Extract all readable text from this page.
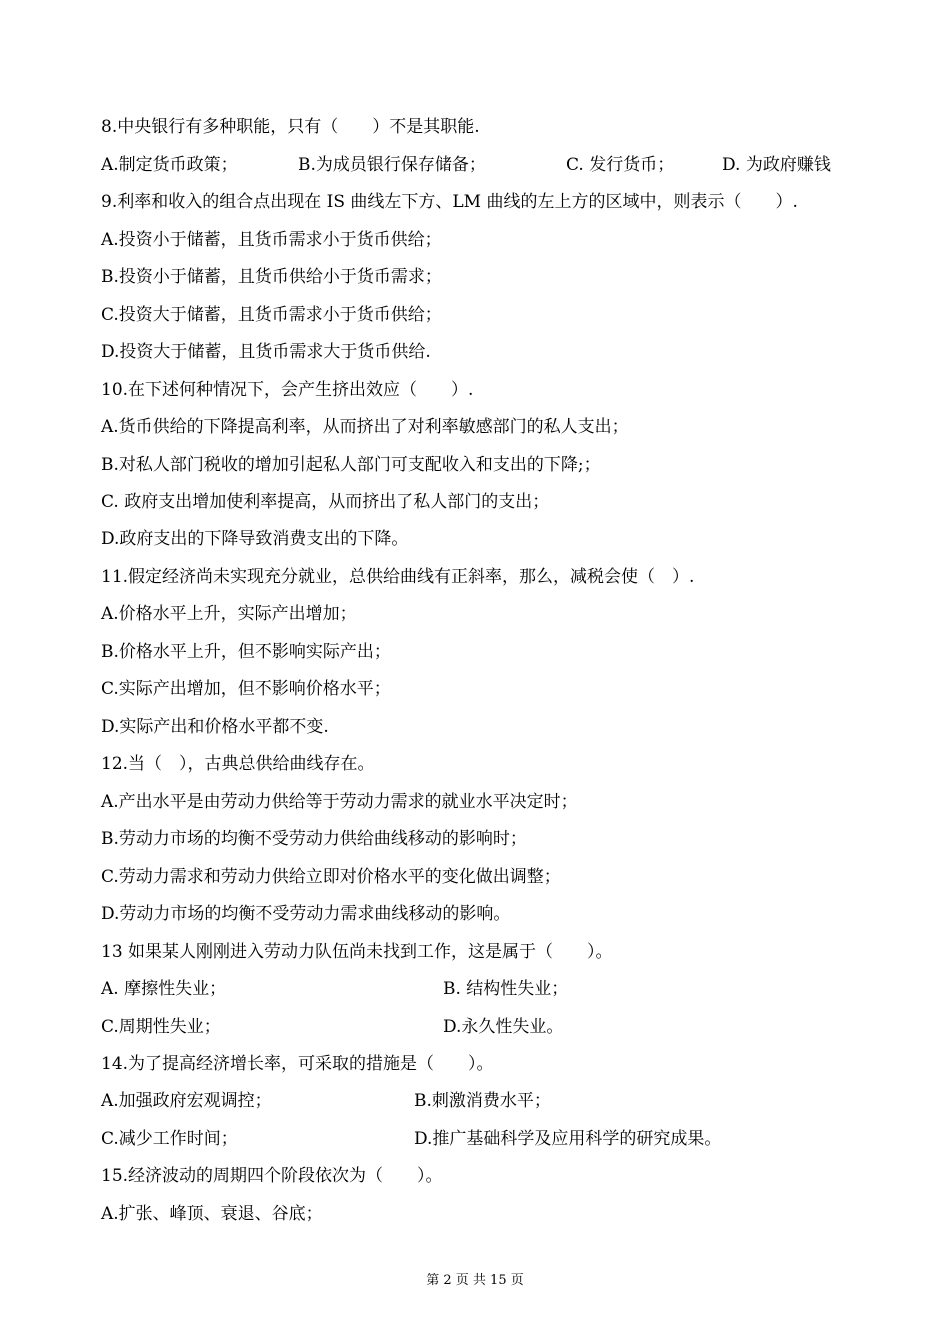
8.中央银行有多种职能，只有（　　）不是其职能.
A.制定货币政策；	B.为成员银行保存储备；	C. 发行货币；	D. 为政府赚钱
9.利率和收入的组合点出现在 IS 曲线左下方、LM 曲线的左上方的区域中，则表示（　　）.
A.投资小于储蓄，且货币需求小于货币供给；
B.投资小于储蓄，且货币供给小于货币需求；
C.投资大于储蓄，且货币需求小于货币供给；
D.投资大于储蓄，且货币需求大于货币供给.
10.在下述何种情况下，会产生挤出效应（　　）.
A.货币供给的下降提高利率，从而挤出了对利率敏感部门的私人支出；
B.对私人部门税收的增加引起私人部门可支配收入和支出的下降;；
C. 政府支出增加使利率提高，从而挤出了私人部门的支出；
D.政府支出的下降导致消费支出的下降。
11.假定经济尚未实现充分就业，总供给曲线有正斜率，那么，减税会使（　）.
A.价格水平上升，实际产出增加；
B.价格水平上升，但不影响实际产出；
C.实际产出增加，但不影响价格水平；
D.实际产出和价格水平都不变.
12.当（　），古典总供给曲线存在。
A.产出水平是由劳动力供给等于劳动力需求的就业水平决定时；
B.劳动力市场的均衡不受劳动力供给曲线移动的影响时；
C.劳动力需求和劳动力供给立即对价格水平的变化做出调整；
D.劳动力市场的均衡不受劳动力需求曲线移动的影响。
13 如果某人刚刚进入劳动力队伍尚未找到工作，这是属于（　　）。
A. 摩擦性失业；	B. 结构性失业；
C.周期性失业；	D.永久性失业。
14.为了提高经济增长率，可采取的措施是（　　）。
A.加强政府宏观调控；	B.刺激消费水平；
C.减少工作时间；	D.推广基础科学及应用科学的研究成果。
15.经济波动的周期四个阶段依次为（　　）。
A.扩张、峰顶、衰退、谷底；
第 2 页 共 15 页
